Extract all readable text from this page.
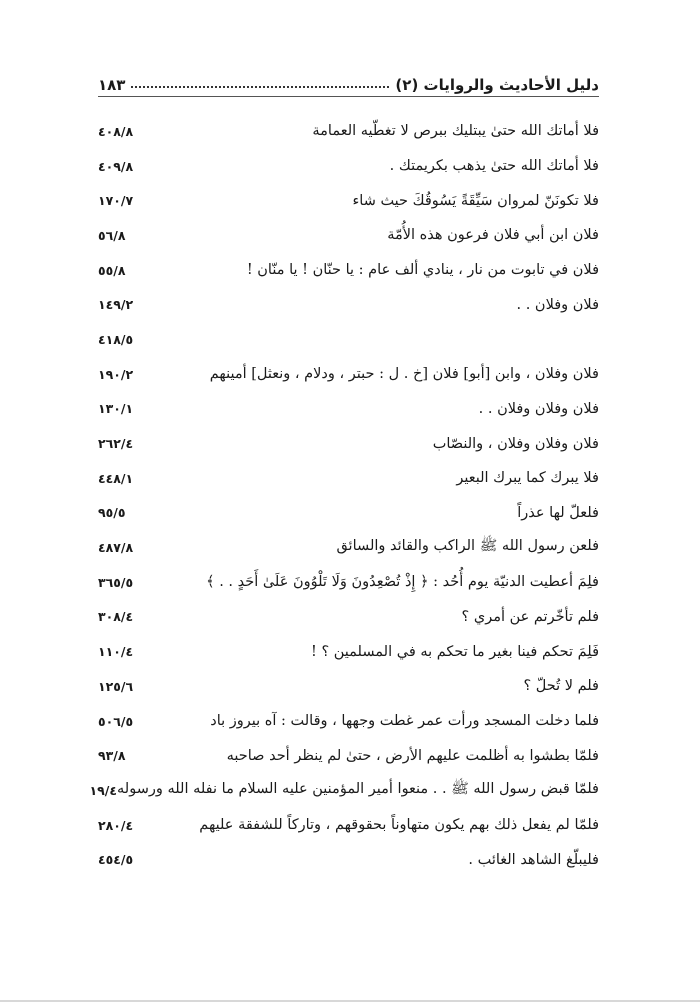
دليل الأحاديث والروايات (٢)
١٨٣
فلا أماتك الله حتىٰ يبتليك ببرص لا تغطّيه العمامة
٤٠٨/٨
فلا أماتك الله حتىٰ يذهب بكريمتك .
٤٠٩/٨
فلا تكونَنّ لمروان سَيِّقَةً يَسُوقُكَ حيث شاء
١٧٠/٧
فلان ابن أبي فلان فرعون هذه الأُمّة
٥٦/٨
فلان في تابوت من نار ، ينادي ألف عام : يا حنّان ! يا منّان !
٥٥/٨
فلان وفلان . .
١٤٩/٢
٤١٨/٥
فلان وفلان ، وابن [أبو] فلان [خ . ل : حبتر ، ودلام ، ونعثل] أمينهم
١٩٠/٢
فلان وفلان وفلان . .
١٣٠/١
فلان وفلان وفلان ، والنصّاب
٢٦٢/٤
فلا يبرك كما يبرك البعير
٤٤٨/١
فلعلّ لها عذراً
٩٥/٥
فلعن رسول الله ﷺ الراكب والقائد والسائق
٤٨٧/٨
فلِمَ أعطيت الدنيّة يوم أُحُد : ﴿ إِذْ تُصْعِدُونَ وَلَا تَلْوُونَ عَلَىٰ أَحَدٍ . . ﴾
٣٦٥/٥
فلم تأخّرتم عن أمري ؟
٣٠٨/٤
فَلِمَ تحكم فينا بغير ما تحكم به في المسلمين ؟ !
١١٠/٤
فلم لا تُحلّ ؟
١٢٥/٦
فلما دخلت المسجد ورأت عمر غطت وجهها ، وقالت : آه بيروز باد
٥٠٦/٥
فلمّا بطشوا به أظلمت عليهم الأرض ، حتىٰ لم ينظر أحد صاحبه
٩٣/٨
فلمّا قبض رسول الله ﷺ . . منعوا أمير المؤمنين عليه السلام ما نفله الله ورسوله
١٩/٤
فلمّا لم يفعل ذلك بهم يكون متهاوناً بحقوقهم ، وتاركاً للشفقة عليهم
٢٨٠/٤
فليبلّغ الشاهد الغائب .
٤٥٤/٥
